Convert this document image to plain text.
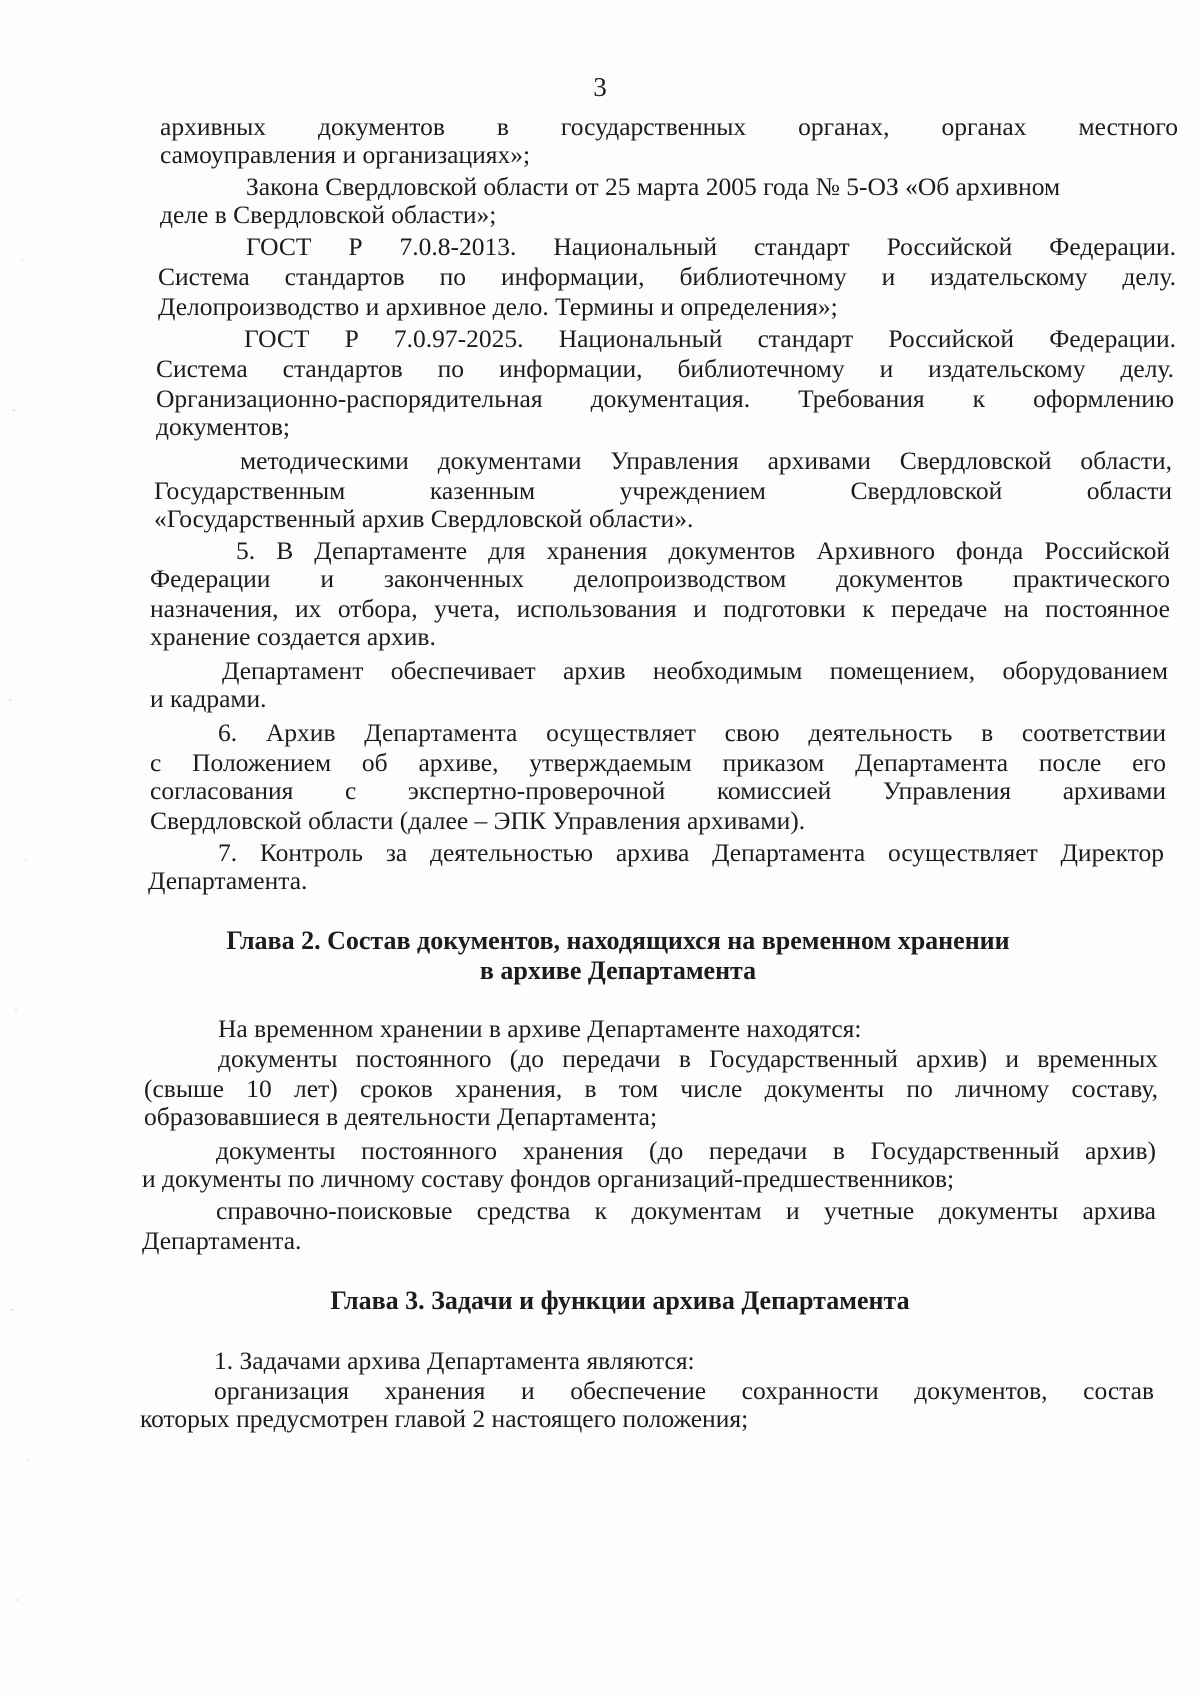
3
архивных документов в государственных органах, органах местного
самоуправления и организациях»;
Закона Свердловской области от 25 марта 2005 года № 5-ОЗ «Об архивном
деле в Свердловской области»;
ГОСТ Р 7.0.8-2013. Национальный стандарт Российской Федерации.
Система стандартов по информации, библиотечному и издательскому делу.
Делопроизводство и архивное дело. Термины и определения»;
ГОСТ Р 7.0.97-2025. Национальный стандарт Российской Федерации.
Система стандартов по информации, библиотечному и издательскому делу.
Организационно-распорядительная документация. Требования к оформлению
документов;
методическими документами Управления архивами Свердловской области,
Государственным казенным учреждением Свердловской области
«Государственный архив Свердловской области».
5. В Департаменте для хранения документов Архивного фонда Российской
Федерации и законченных делопроизводством документов практического
назначения, их отбора, учета, использования и подготовки к передаче на постоянное
хранение создается архив.
Департамент обеспечивает архив необходимым помещением, оборудованием
и кадрами.
6. Архив Департамента осуществляет свою деятельность в соответствии
с Положением об архиве, утверждаемым приказом Департамента после его
согласования с экспертно-проверочной комиссией Управления архивами
Свердловской области (далее – ЭПК Управления архивами).
7. Контроль за деятельностью архива Департамента осуществляет Директор
Департамента.
Глава 2. Состав документов, находящихся на временном хранении
в архиве Департамента
На временном хранении в архиве Департаменте находятся:
документы постоянного (до передачи в Государственный архив) и временных
(свыше 10 лет) сроков хранения, в том числе документы по личному составу,
образовавшиеся в деятельности Департамента;
документы постоянного хранения (до передачи в Государственный архив)
и документы по личному составу фондов организаций-предшественников;
справочно-поисковые средства к документам и учетные документы архива
Департамента.
Глава 3. Задачи и функции архива Департамента
1. Задачами архива Департамента являются:
организация хранения и обеспечение сохранности документов, состав
которых предусмотрен главой 2 настоящего положения;
